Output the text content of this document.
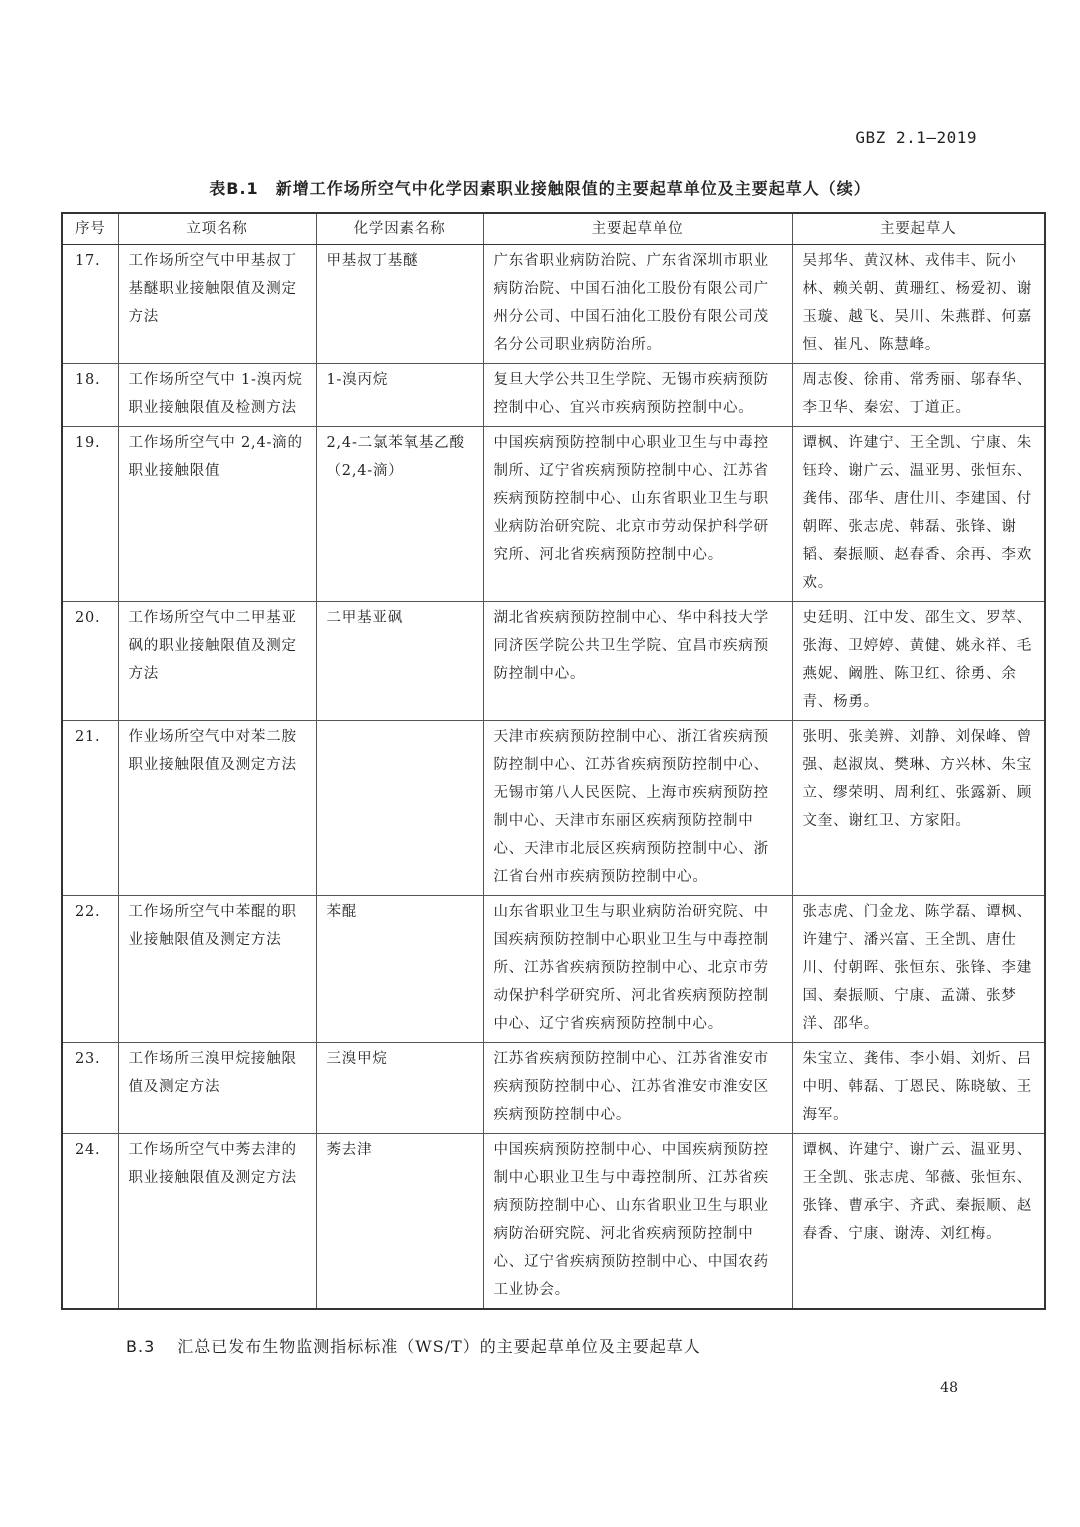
GBZ 2.1—2019
表B.1　新增工作场所空气中化学因素职业接触限值的主要起草单位及主要起草人（续）
序号	立项名称	化学因素名称	主要起草单位	主要起草人
17.	工作场所空气中甲基叔丁基醚职业接触限值及测定方法	甲基叔丁基醚	广东省职业病防治院、广东省深圳市职业病防治院、中国石油化工股份有限公司广州分公司、中国石油化工股份有限公司茂名分公司职业病防治所。	吴邦华、黄汉林、戎伟丰、阮小林、赖关朝、黄珊红、杨爱初、谢玉璇、越飞、吴川、朱燕群、何嘉恒、崔凡、陈慧峰。
18.	工作场所空气中 1-溴丙烷职业接触限值及检测方法	1-溴丙烷	复旦大学公共卫生学院、无锡市疾病预防控制中心、宜兴市疾病预防控制中心。	周志俊、徐甫、常秀丽、邬春华、李卫华、秦宏、丁道正。
19.	工作场所空气中 2,4-滴的职业接触限值	2,4-二氯苯氧基乙酸（2,4-滴）	中国疾病预防控制中心职业卫生与中毒控制所、辽宁省疾病预防控制中心、江苏省疾病预防控制中心、山东省职业卫生与职业病防治研究院、北京市劳动保护科学研究所、河北省疾病预防控制中心。	谭枫、许建宁、王全凯、宁康、朱钰玲、谢广云、温亚男、张恒东、龚伟、邵华、唐仕川、李建国、付朝晖、张志虎、韩磊、张锋、谢韬、秦振顺、赵春香、余再、李欢欢。
20.	工作场所空气中二甲基亚砜的职业接触限值及测定方法	二甲基亚砜	湖北省疾病预防控制中心、华中科技大学同济医学院公共卫生学院、宜昌市疾病预防控制中心。	史廷明、江中发、邵生文、罗萃、张海、卫婷婷、黄健、姚永祥、毛燕妮、阚胜、陈卫红、徐勇、余青、杨勇。
21.	作业场所空气中对苯二胺职业接触限值及测定方法		天津市疾病预防控制中心、浙江省疾病预防控制中心、江苏省疾病预防控制中心、无锡市第八人民医院、上海市疾病预防控制中心、天津市东丽区疾病预防控制中心、天津市北辰区疾病预防控制中心、浙江省台州市疾病预防控制中心。	张明、张美辨、刘静、刘保峰、曾强、赵淑岚、樊琳、方兴林、朱宝立、缪荣明、周利红、张露新、顾文奎、谢红卫、方家阳。
22.	工作场所空气中苯醌的职业接触限值及测定方法	苯醌	山东省职业卫生与职业病防治研究院、中国疾病预防控制中心职业卫生与中毒控制所、江苏省疾病预防控制中心、北京市劳动保护科学研究所、河北省疾病预防控制中心、辽宁省疾病预防控制中心。	张志虎、门金龙、陈学磊、谭枫、许建宁、潘兴富、王全凯、唐仕川、付朝晖、张恒东、张锋、李建国、秦振顺、宁康、孟潇、张梦洋、邵华。
23.	工作场所三溴甲烷接触限值及测定方法	三溴甲烷	江苏省疾病预防控制中心、江苏省淮安市疾病预防控制中心、江苏省淮安市淮安区疾病预防控制中心。	朱宝立、龚伟、李小娟、刘炘、吕中明、韩磊、丁恩民、陈晓敏、王海军。
24.	工作场所空气中莠去津的职业接触限值及测定方法	莠去津	中国疾病预防控制中心、中国疾病预防控制中心职业卫生与中毒控制所、江苏省疾病预防控制中心、山东省职业卫生与职业病防治研究院、河北省疾病预防控制中心、辽宁省疾病预防控制中心、中国农药工业协会。	谭枫、许建宁、谢广云、温亚男、王全凯、张志虎、邹薇、张恒东、张锋、曹承宇、齐武、秦振顺、赵春香、宁康、谢涛、刘红梅。
B.3 汇总已发布生物监测指标标准（WS/T）的主要起草单位及主要起草人
48
